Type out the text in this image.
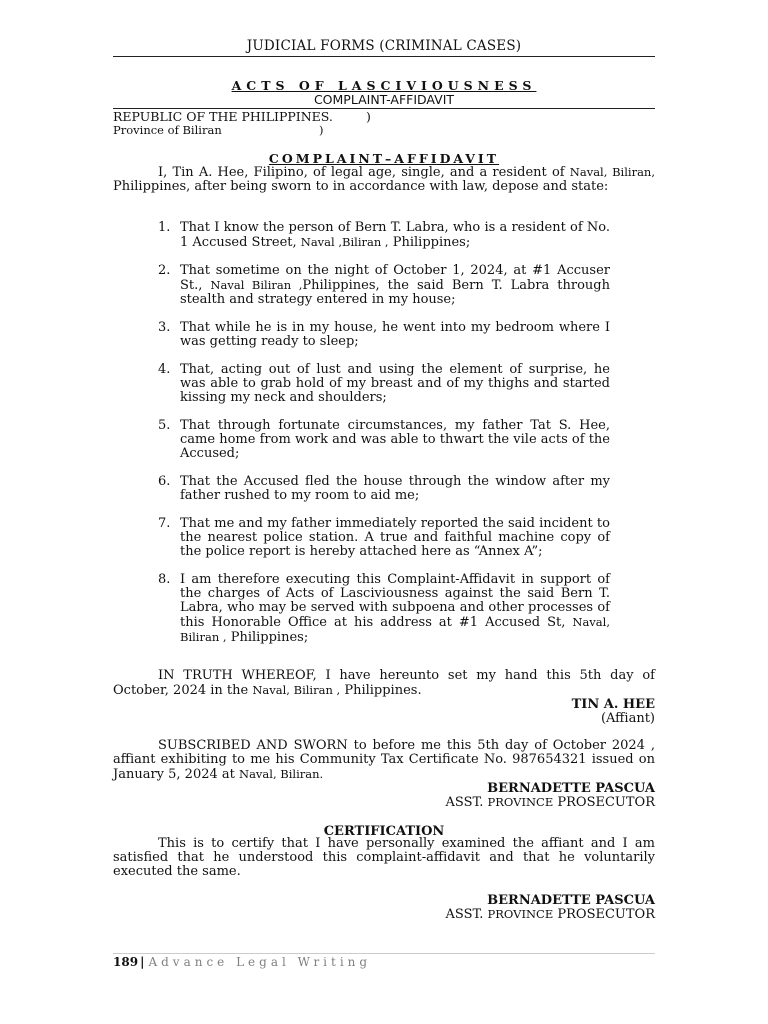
JUDICIAL FORMS (CRIMINAL CASES)
ACTS OF LASCIVIOUSNESS
COMPLAINT-AFFIDAVIT
REPUBLIC OF THE PHILIPPINES.	)
Province of Biliran	)
COMPLAINT–AFFIDAVIT

I, Tin A. Hee, Filipino, of legal age, single, and a resident of Naval, Biliran, Philippines, after being sworn to in accordance with law, depose and state:

1. That I know the person of Bern T. Labra, who is a resident of No. 1 Accused Street, Naval ,Biliran , Philippines;
2. That sometime on the night of October 1, 2024, at #1 Accuser St., Naval Biliran ,Philippines, the said Bern T. Labra through stealth and strategy entered in my house;
3. That while he is in my house, he went into my bedroom where I was getting ready to sleep;
4. That, acting out of lust and using the element of surprise, he was able to grab hold of my breast and of my thighs and started kissing my neck and shoulders;
5. That through fortunate circumstances, my father Tat S. Hee, came home from work and was able to thwart the vile acts of the Accused;
6. That the Accused fled the house through the window after my father rushed to my room to aid me;
7. That me and my father immediately reported the said incident to the nearest police station. A true and faithful machine copy of the police report is hereby attached here as “Annex A”;
8. I am therefore executing this Complaint-Affidavit in support of the charges of Acts of Lasciviousness against the said Bern T. Labra, who may be served with subpoena and other processes of this Honorable Office at his address at #1 Accused St, Naval, Biliran , Philippines;

IN TRUTH WHEREOF, I have hereunto set my hand this 5th day of October, 2024 in the Naval, Biliran , Philippines.

TIN A. HEE
(Affiant)

SUBSCRIBED AND SWORN to before me this 5th day of October 2024 , affiant exhibiting to me his Community Tax Certificate No. 987654321 issued on January 5, 2024 at Naval, Biliran.

BERNADETTE PASCUA
ASST. PROVINCE PROSECUTOR
CERTIFICATION

This is to certify that I have personally examined the affiant and I am satisfied that he understood this complaint-affidavit and that he voluntarily executed the same.

BERNADETTE PASCUA
ASST. PROVINCE PROSECUTOR
189 | Advance Legal Writing
